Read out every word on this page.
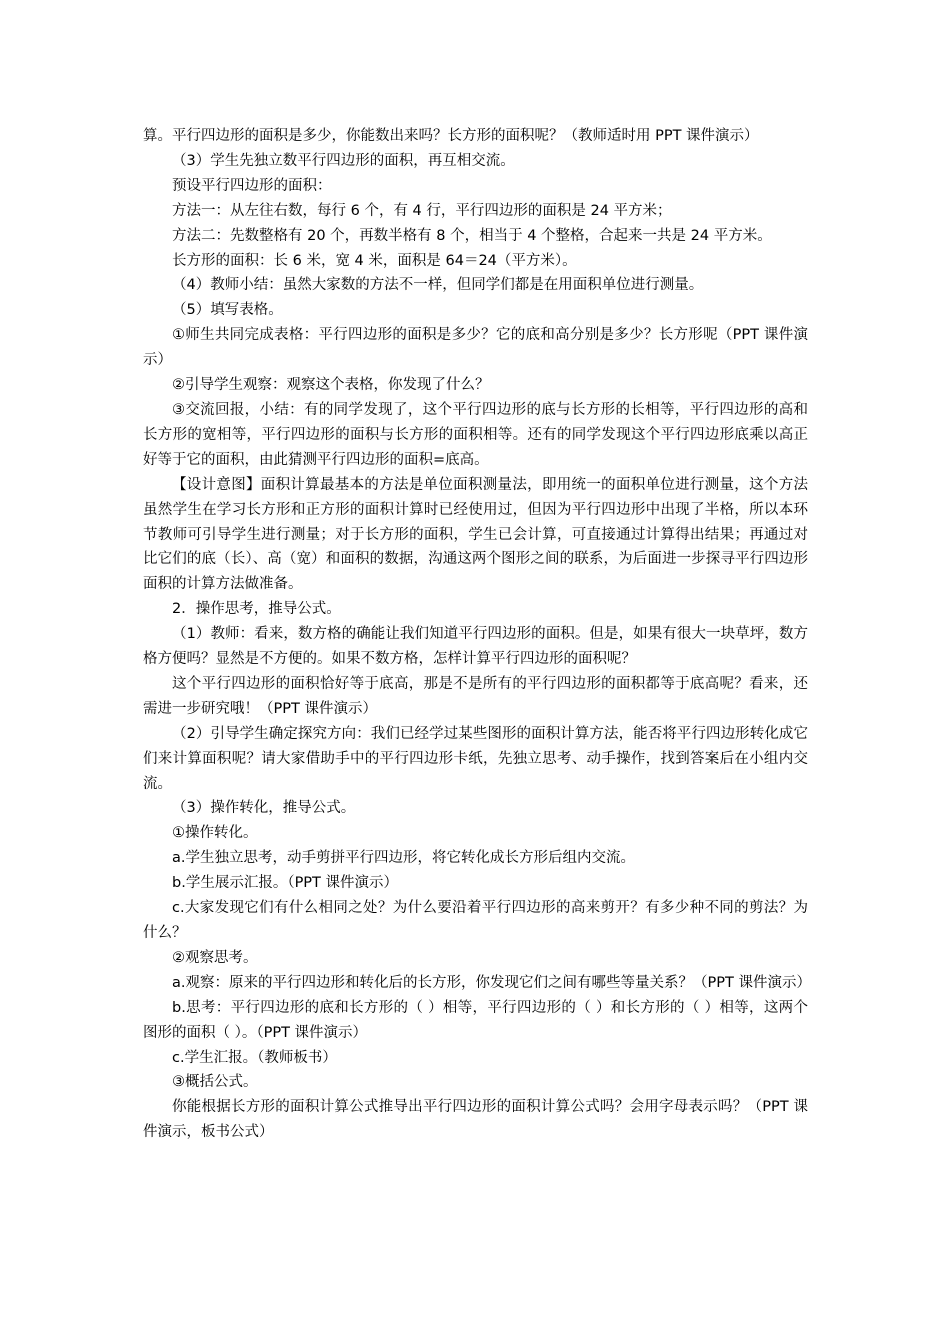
算。平行四边形的面积是多少，你能数出来吗？长方形的面积呢？（教师适时用 PPT 课件演示）

（3）学生先独立数平行四边形的面积，再互相交流。

预设平行四边形的面积：

方法一：从左往右数，每行 6 个，有 4 行，平行四边形的面积是 24 平方米；

方法二：先数整格有 20 个，再数半格有 8 个，相当于 4 个整格，合起来一共是 24 平方米。

长方形的面积：长 6 米，宽 4 米，面积是 64＝24（平方米）。

（4）教师小结：虽然大家数的方法不一样，但同学们都是在用面积单位进行测量。

（5）填写表格。

①师生共同完成表格：平行四边形的面积是多少？它的底和高分别是多少？长方形呢（PPT 课件演示）

②引导学生观察：观察这个表格，你发现了什么？

③交流回报，小结：有的同学发现了，这个平行四边形的底与长方形的长相等，平行四边形的高和长方形的宽相等，平行四边形的面积与长方形的面积相等。还有的同学发现这个平行四边形底乘以高正好等于它的面积，由此猜测平行四边形的面积=底高。

【设计意图】面积计算最基本的方法是单位面积测量法，即用统一的面积单位进行测量，这个方法虽然学生在学习长方形和正方形的面积计算时已经使用过，但因为平行四边形中出现了半格，所以本环节教师可引导学生进行测量；对于长方形的面积，学生已会计算，可直接通过计算得出结果；再通过对比它们的底（长）、高（宽）和面积的数据，沟通这两个图形之间的联系，为后面进一步探寻平行四边形面积的计算方法做准备。

2．操作思考，推导公式。

（1）教师：看来，数方格的确能让我们知道平行四边形的面积。但是，如果有很大一块草坪，数方格方便吗？显然是不方便的。如果不数方格，怎样计算平行四边形的面积呢？

这个平行四边形的面积恰好等于底高，那是不是所有的平行四边形的面积都等于底高呢？看来，还需进一步研究哦！（PPT 课件演示）

（2）引导学生确定探究方向：我们已经学过某些图形的面积计算方法，能否将平行四边形转化成它们来计算面积呢？请大家借助手中的平行四边形卡纸，先独立思考、动手操作，找到答案后在小组内交流。

（3）操作转化，推导公式。

①操作转化。

a.学生独立思考，动手剪拼平行四边形，将它转化成长方形后组内交流。

b.学生展示汇报。（PPT 课件演示）

c.大家发现它们有什么相同之处？为什么要沿着平行四边形的高来剪开？有多少种不同的剪法？为什么？

②观察思考。

a.观察：原来的平行四边形和转化后的长方形，你发现它们之间有哪些等量关系？（PPT 课件演示）

b.思考：平行四边形的底和长方形的（ ）相等，平行四边形的（ ）和长方形的（ ）相等，这两个图形的面积（ ）。（PPT 课件演示）

c.学生汇报。（教师板书）

③概括公式。

你能根据长方形的面积计算公式推导出平行四边形的面积计算公式吗？会用字母表示吗？（PPT 课件演示，板书公式）
